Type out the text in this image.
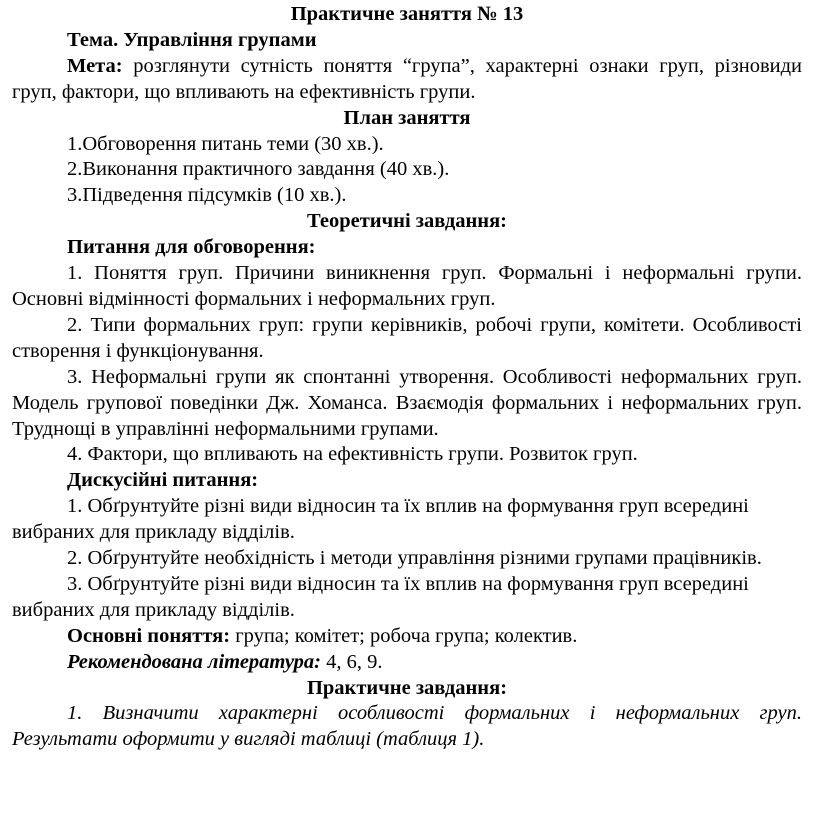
Практичне заняття № 13

Тема. Управління групами

Мета: розглянути сутність поняття “група”, характерні ознаки груп, різновиди груп, фактори, що впливають на ефективність групи.

План заняття

1.Обговорення питань теми (30 хв.).

2.Виконання практичного завдання (40 хв.).

3.Підведення підсумків (10 хв.).

Теоретичні завдання:

Питання для обговорення:

1. Поняття груп. Причини виникнення груп. Формальні і неформальні групи. Основні відмінності формальних і неформальних груп.

2. Типи формальних груп: групи керівників, робочі групи, комітети. Особливості створення і функціонування.

3. Неформальні групи як спонтанні утворення. Особливості неформальних груп. Модель групової поведінки Дж. Хоманса. Взаємодія формальних і неформальних груп. Труднощі в управлінні неформальними групами.

4. Фактори, що впливають на ефективність групи. Розвиток груп.

Дискусійні питання:

1. Обґрунтуйте різні види відносин та їх вплив на формування груп всередині вибраних для прикладу відділів.

2. Обґрунтуйте необхідність і методи управління різними групами працівників.

3. Обґрунтуйте різні види відносин та їх вплив на формування груп всередині вибраних для прикладу відділів.

Основні поняття: група; комітет; робоча група; колектив.

Рекомендована література: 4, 6, 9.

Практичне завдання:

1. Визначити характерні особливості формальних і неформальних груп. Результати оформити у вигляді таблиці (таблиця 1).
